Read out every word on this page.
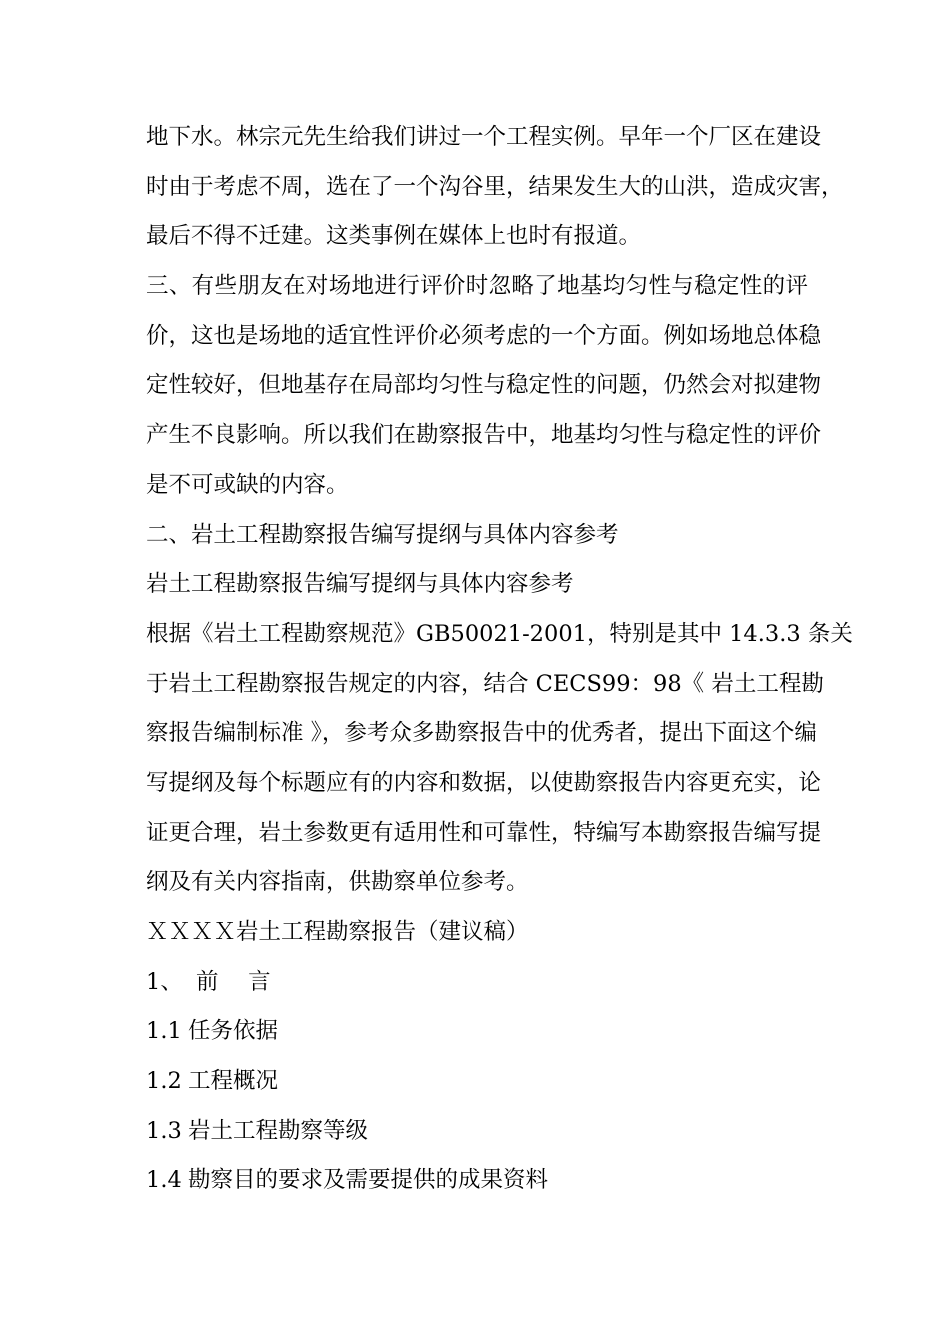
地下水。林宗元先生给我们讲过一个工程实例。早年一个厂区在建设
时由于考虑不周，选在了一个沟谷里，结果发生大的山洪，造成灾害，
最后不得不迁建。这类事例在媒体上也时有报道。
三、有些朋友在对场地进行评价时忽略了地基均匀性与稳定性的评
价，这也是场地的适宜性评价必须考虑的一个方面。例如场地总体稳
定性较好，但地基存在局部均匀性与稳定性的问题，仍然会对拟建物
产生不良影响。所以我们在勘察报告中，地基均匀性与稳定性的评价
是不可或缺的内容。
二、岩土工程勘察报告编写提纲与具体内容参考
岩土工程勘察报告编写提纲与具体内容参考
根据《岩土工程勘察规范》GB50021-2001，特别是其中 14.3.3 条关
于岩土工程勘察报告规定的内容，结合 CECS99：98《 岩土工程勘
察报告编制标准 》，参考众多勘察报告中的优秀者，提出下面这个编
写提纲及每个标题应有的内容和数据，以使勘察报告内容更充实，论
证更合理，岩土参数更有适用性和可靠性，特编写本勘察报告编写提
纲及有关内容指南，供勘察单位参考。
ＸＸＸＸ岩土工程勘察报告（建议稿）
1、 前　 言
1.1 任务依据
1.2 工程概况
1.3 岩土工程勘察等级
1.4 勘察目的要求及需要提供的成果资料
